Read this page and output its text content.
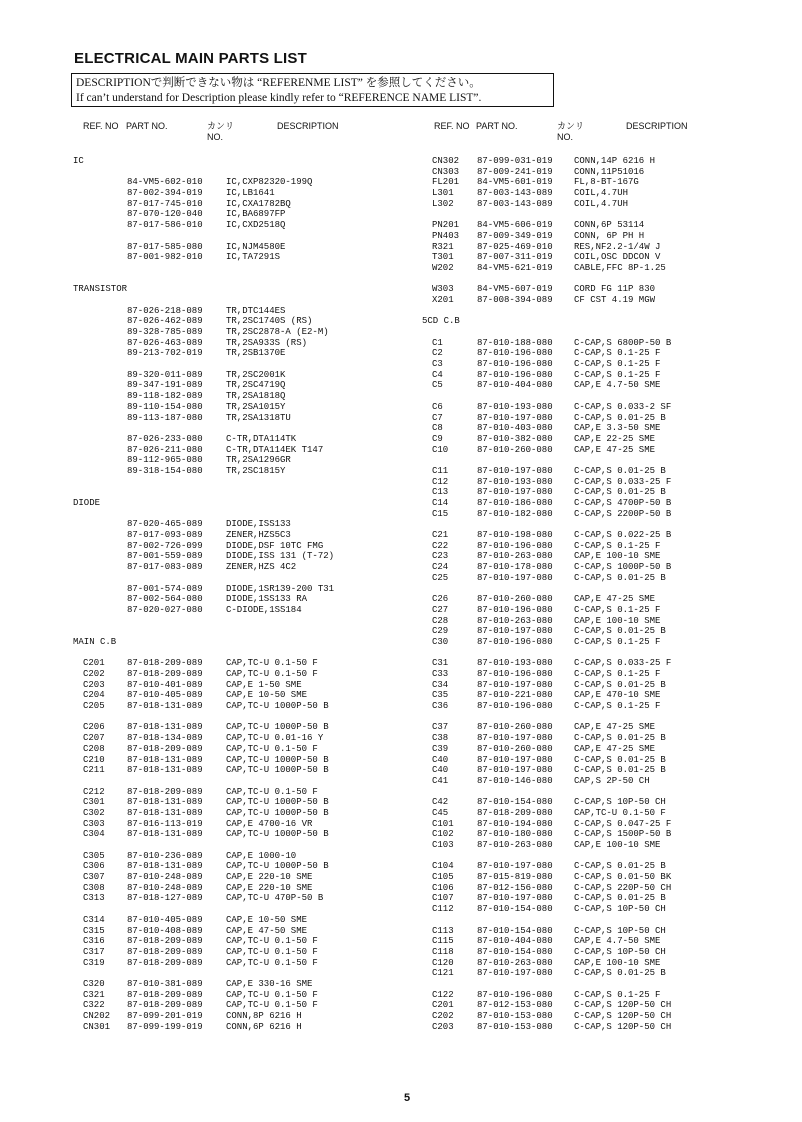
ELECTRICAL MAIN PARTS LIST
DESCRIPTIONで判断できない物は “REFERENME LIST” を参照してください。
If can’t understand for Description please kindly refer to “REFERENCE NAME LIST”.
REF. NO PART NO.	カンリ
NO.
DESCRIPTION	REF. NO PART NO.	カンリ
NO.
DESCRIPTION
IC
84-VM5-602-010	IC,CXP82320-199Q
87-002-394-019	IC,LB1641
87-017-745-010	IC,CXA1782BQ
87-070-120-040	IC,BA6897FP
87-017-586-010	IC,CXD2518Q
87-017-585-080	IC,NJM4580E
87-001-982-010	IC,TA7291S
TRANSISTOR
87-026-218-089	TR,DTC144ES
87-026-462-089	TR,2SC1740S (RS)
89-328-785-089	TR,2SC2878-A (E2-M)
87-026-463-089	TR,2SA933S (RS)
89-213-702-019	TR,2SB1370E
89-320-011-089	TR,2SC2001K
89-347-191-089	TR,2SC4719Q
89-118-182-089	TR,2SA1818Q
89-110-154-080	TR,2SA1015Y
89-113-187-080	TR,2SA1318TU
87-026-233-080	C-TR,DTA114TK
87-026-211-080	C-TR,DTA114EK T147
89-112-965-080	TR,2SA1296GR
89-318-154-080	TR,2SC1815Y
DIODE
87-020-465-089	DIODE,ISS133
87-017-093-089	ZENER,HZS5C3
87-002-726-099	DIODE,DSF 10TC FMG
87-001-559-089	DIODE,ISS 131 (T-72)
87-017-083-089	ZENER,HZS 4C2
87-001-574-089	DIODE,1SR139-200 T31
87-002-564-080	DIODE,1SS133 RA
87-020-027-080	C-DIODE,1SS184
MAIN C.B
C201 87-018-209-089	CAP,TC-U 0.1-50 F
C202 87-018-209-089	CAP,TC-U 0.1-50 F
C203 87-010-401-089	CAP,E 1-50 SME
C204 87-010-405-089	CAP,E 10-50 SME
C205 87-018-131-089	CAP,TC-U 1000P-50 B
C206 87-018-131-089	CAP,TC-U 1000P-50 B
C207 87-018-134-089	CAP,TC-U 0.01-16 Y
C208 87-018-209-089	CAP,TC-U 0.1-50 F
C210 87-018-131-089	CAP,TC-U 1000P-50 B
C211 87-018-131-089	CAP,TC-U 1000P-50 B
C212 87-018-209-089	CAP,TC-U 0.1-50 F
C301 87-018-131-089	CAP,TC-U 1000P-50 B
C302 87-018-131-089	CAP,TC-U 1000P-50 B
C303 87-016-113-019	CAP,E 4700-16 VR
C304 87-018-131-089	CAP,TC-U 1000P-50 B
C305 87-010-236-089	CAP,E 1000-10
C306 87-018-131-089	CAP,TC-U 1000P-50 B
C307 87-010-248-089	CAP,E 220-10 SME
C308 87-010-248-089	CAP,E 220-10 SME
C313 87-018-127-089	CAP,TC-U 470P-50 B
C314 87-010-405-089	CAP,E 10-50 SME
C315 87-010-408-089	CAP,E 47-50 SME
C316 87-018-209-089	CAP,TC-U 0.1-50 F
C317 87-018-209-089	CAP,TC-U 0.1-50 F
C319 87-018-209-089	CAP,TC-U 0.1-50 F
C320 87-010-381-089	CAP,E 330-16 SME
C321 87-018-209-089	CAP,TC-U 0.1-50 F
C322 87-018-209-089	CAP,TC-U 0.1-50 F
CN202 87-099-201-019	CONN,8P 6216 H
CN301 87-099-199-019	CONN,6P 6216 H
CN302 87-099-031-019 CONN,14P 6216 H
CN303 87-009-241-019 CONN,11P51016
FL201 84-VM5-601-019 FL,8-BT-167G
L301	87-003-143-089 COIL,4.7UH
L302	87-003-143-089 COIL,4.7UH
PN201 84-VM5-606-019 CONN,6P 53114
PN403 87-009-349-019 CONN, 6P PH H
R321	87-025-469-010 RES,NF2.2-1/4W J
T301	87-007-311-019 COIL,OSC DDCON V
W202	84-VM5-621-019 CABLE,FFC 8P-1.25
W303	84-VM5-607-019 CORD FG 11P 830
X201	87-008-394-089 CF CST 4.19 MGW
5CD C.B
C1	87-010-188-080 C-CAP,S 6800P-50 B
C2	87-010-196-080 C-CAP,S 0.1-25 F
C3	87-010-196-080 C-CAP,S 0.1-25 F
C4	87-010-196-080 C-CAP,S 0.1-25 F
C5	87-010-404-080 CAP,E 4.7-50 SME
C6	87-010-193-080 C-CAP,S 0.033-2 SF
C7	87-010-197-080 C-CAP,S 0.01-25 B
C8	87-010-403-080 CAP,E 3.3-50 SME
C9	87-010-382-080 CAP,E 22-25 SME
C10	87-010-260-080 CAP,E 47-25 SME
C11	87-010-197-080 C-CAP,S 0.01-25 B
C12	87-010-193-080 C-CAP,S 0.033-25 F
C13	87-010-197-080 C-CAP,S 0.01-25 B
C14	87-010-186-080 C-CAP,S 4700P-50 B
C15	87-010-182-080 C-CAP,S 2200P-50 B
C21	87-010-198-080 C-CAP,S 0.022-25 B
C22	87-010-196-080 C-CAP,S 0.1-25 F
C23	87-010-263-080 CAP,E 100-10 SME
C24	87-010-178-080 C-CAP,S 1000P-50 B
C25	87-010-197-080 C-CAP,S 0.01-25 B
C26	87-010-260-080 CAP,E 47-25 SME
C27	87-010-196-080 C-CAP,S 0.1-25 F
C28	87-010-263-080 CAP,E 100-10 SME
C29	87-010-197-080 C-CAP,S 0.01-25 B
C30	87-010-196-080 C-CAP,S 0.1-25 F
C31	87-010-193-080 C-CAP,S 0.033-25 F
C33	87-010-196-080 C-CAP,S 0.1-25 F
C34	87-010-197-080 C-CAP,S 0.01-25 B
C35	87-010-221-080 CAP,E 470-10 SME
C36	87-010-196-080 C-CAP,S 0.1-25 F
C37	87-010-260-080 CAP,E 47-25 SME
C38	87-010-197-080 C-CAP,S 0.01-25 B
C39	87-010-260-080 CAP,E 47-25 SME
C40	87-010-197-080 C-CAP,S 0.01-25 B
C40	87-010-197-080 C-CAP,S 0.01-25 B
C41	87-010-146-080 CAP,S 2P-50 CH
C42	87-010-154-080 C-CAP,S 10P-50 CH
C45	87-018-209-080 CAP,TC-U 0.1-50 F
C101	87-010-194-080 C-CAP,S 0.047-25 F
C102	87-010-180-080 C-CAP,S 1500P-50 B
C103	87-010-263-080 CAP,E 100-10 SME
C104	87-010-197-080 C-CAP,S 0.01-25 B
C105	87-015-819-080 C-CAP,S 0.01-50 BK
C106	87-012-156-080 C-CAP,S 220P-50 CH
C107	87-010-197-080 C-CAP,S 0.01-25 B
C112	87-010-154-080 C-CAP,S 10P-50 CH
C113	87-010-154-080 C-CAP,S 10P-50 CH
C115	87-010-404-080 CAP,E 4.7-50 SME
C118	87-010-154-080 C-CAP,S 10P-50 CH
C120	87-010-263-080 CAP,E 100-10 SME
C121	87-010-197-080 C-CAP,S 0.01-25 B
C122	87-010-196-080 C-CAP,S 0.1-25 F
C201	87-012-153-080 C-CAP,S 120P-50 CH
C202	87-010-153-080 C-CAP,S 120P-50 CH
C203	87-010-153-080 C-CAP,S 120P-50 CH
5
